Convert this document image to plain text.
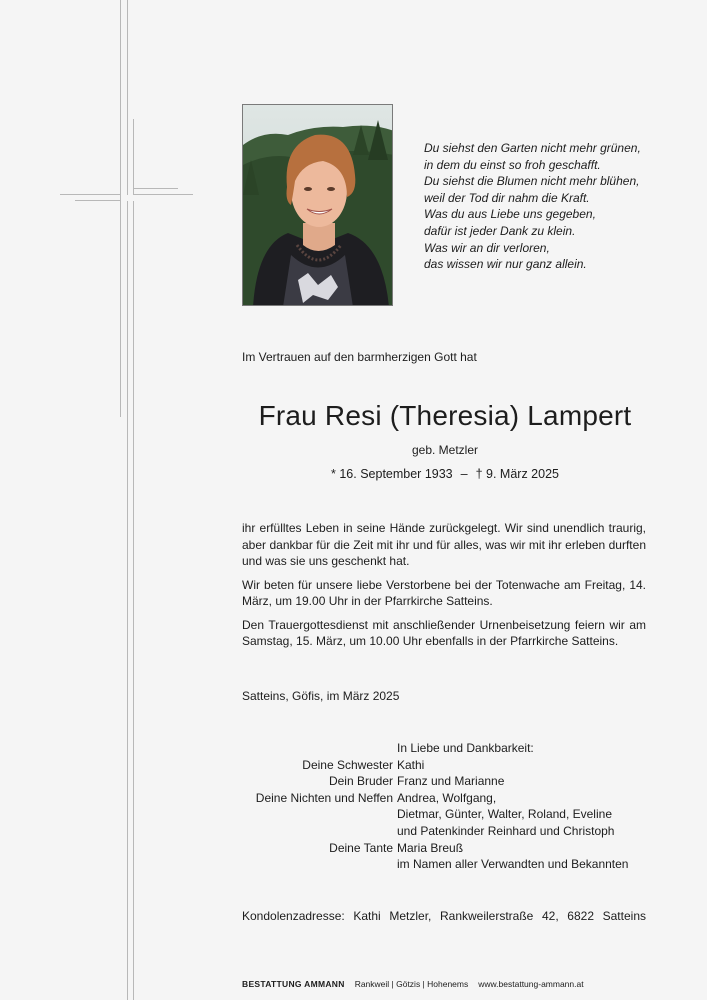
Du siehst den Garten nicht mehr grünen,
in dem du einst so froh geschafft.
Du siehst die Blumen nicht mehr blühen,
weil der Tod dir nahm die Kraft.
Was du aus Liebe uns gegeben,
dafür ist jeder Dank zu klein.
Was wir an dir verloren,
das wissen wir nur ganz allein.
Im Vertrauen auf den barmherzigen Gott hat
Frau Resi (Theresia) Lampert
geb. Metzler
* 16. September 1933 – † 9. März 2025

ihr erfülltes Leben in seine Hände zurückgelegt. Wir sind unendlich traurig, aber dankbar für die Zeit mit ihr und für alles, was wir mit ihr erleben durften und was sie uns geschenkt hat.

Wir beten für unsere liebe Verstorbene bei der Totenwache am Freitag, 14. März, um 19.00 Uhr in der Pfarrkirche Satteins.

Den Trauergottesdienst mit anschließender Urnenbeisetzung feiern wir am Samstag, 15. März, um 10.00 Uhr ebenfalls in der Pfarrkirche Satteins.

Satteins, Göfis, im März 2025
	In Liebe und Dankbarkeit:
Deine Schwester	Kathi
Dein Bruder	Franz und Marianne
Deine Nichten und Neffen	Andrea, Wolfgang,
	Dietmar, Günter, Walter, Roland, Eveline
	und Patenkinder Reinhard und Christoph
Deine Tante	Maria Breuß
	im Namen aller Verwandten und Bekannten
Kondolenzadresse: Kathi Metzler, Rankweilerstraße 42, 6822 Satteins
BESTATTUNG AMMANN Rankweil | Götzis | Hohenems www.bestattung-ammann.at
